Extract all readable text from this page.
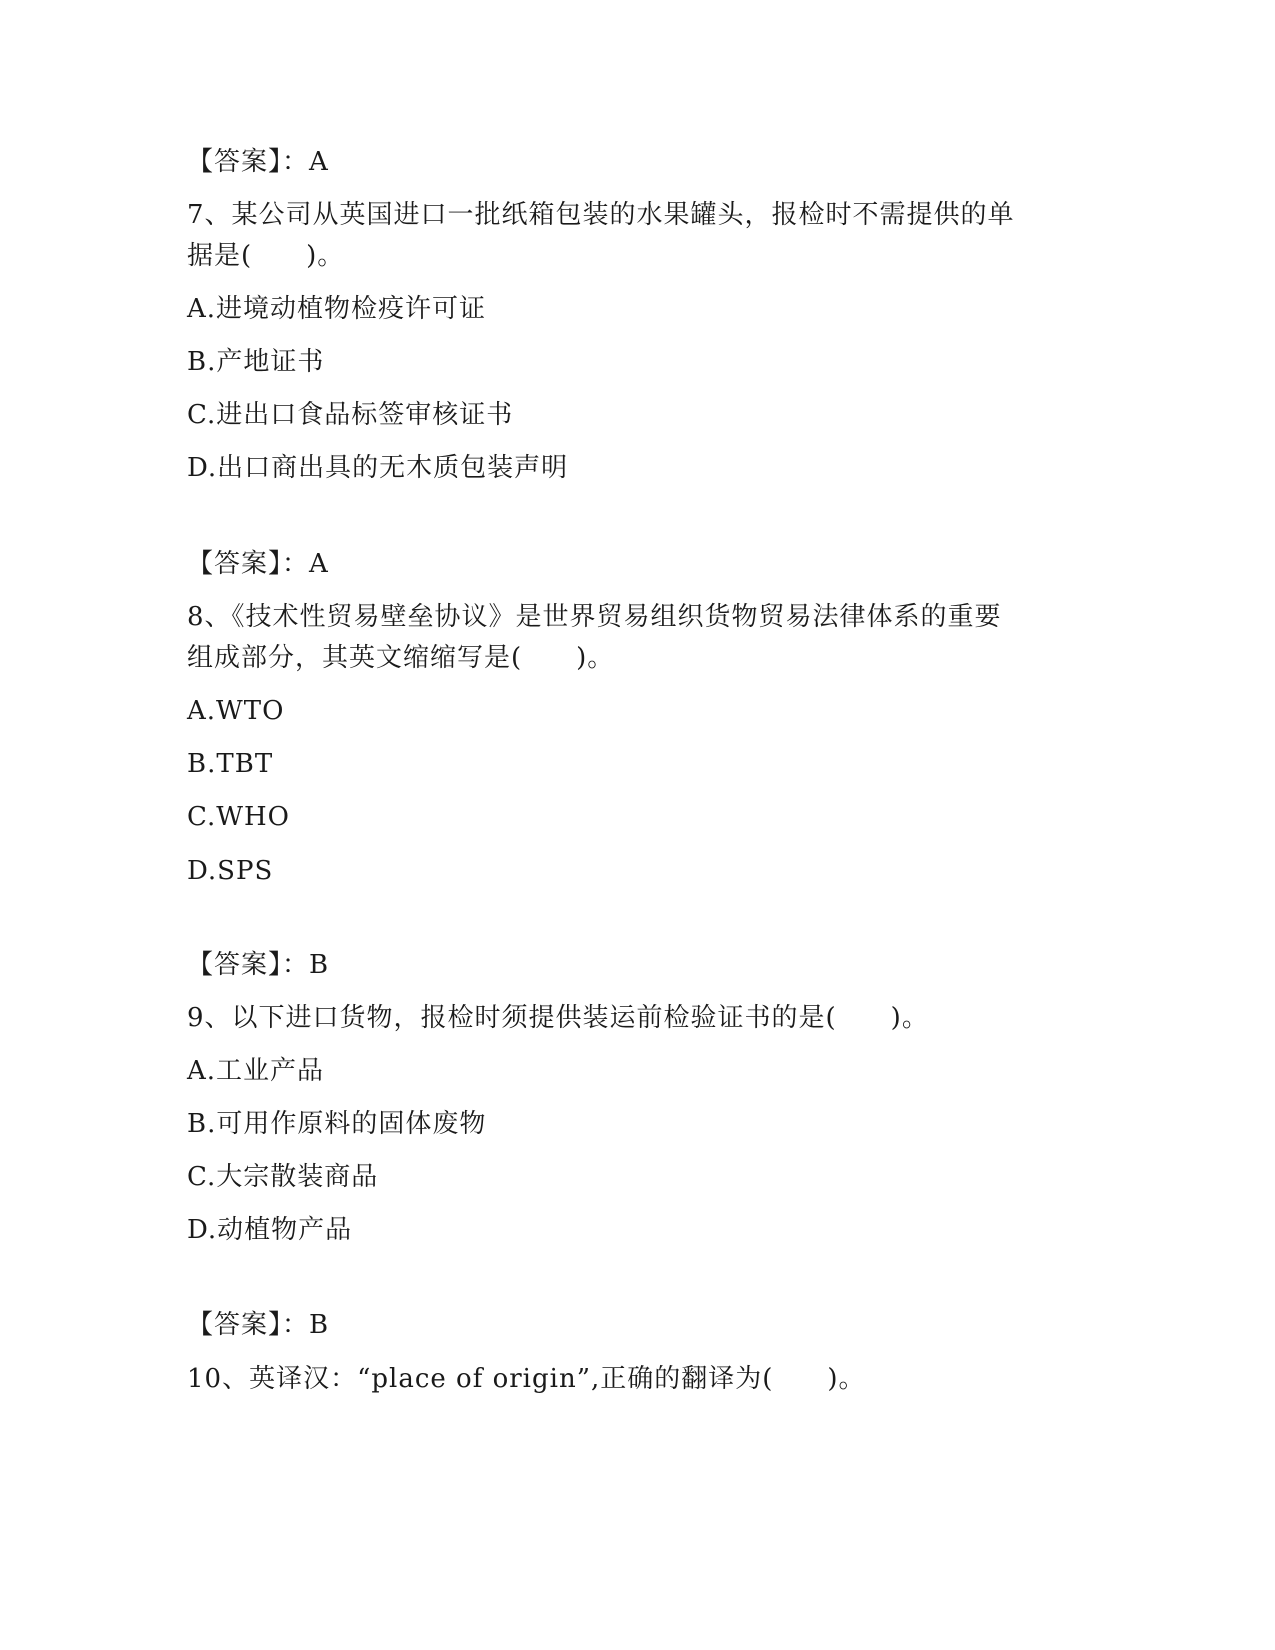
【答案】：A

7、某公司从英国进口一批纸箱包装的水果罐头，报检时不需提供的单

据是(　　)。

A.进境动植物检疫许可证

B.产地证书

C.进出口食品标签审核证书

D.出口商出具的无木质包装声明

【答案】：A

8、《技术性贸易壁垒协议》是世界贸易组织货物贸易法律体系的重要

组成部分，其英文缩缩写是(　　)。

A.WTO

B.TBT

C.WHO

D.SPS

【答案】：B

9、以下进口货物，报检时须提供装运前检验证书的是(　　)。

A.工业产品

B.可用作原料的固体废物

C.大宗散装商品

D.动植物产品

【答案】：B

10、英译汉：“place of origin”,正确的翻译为(　　)。
